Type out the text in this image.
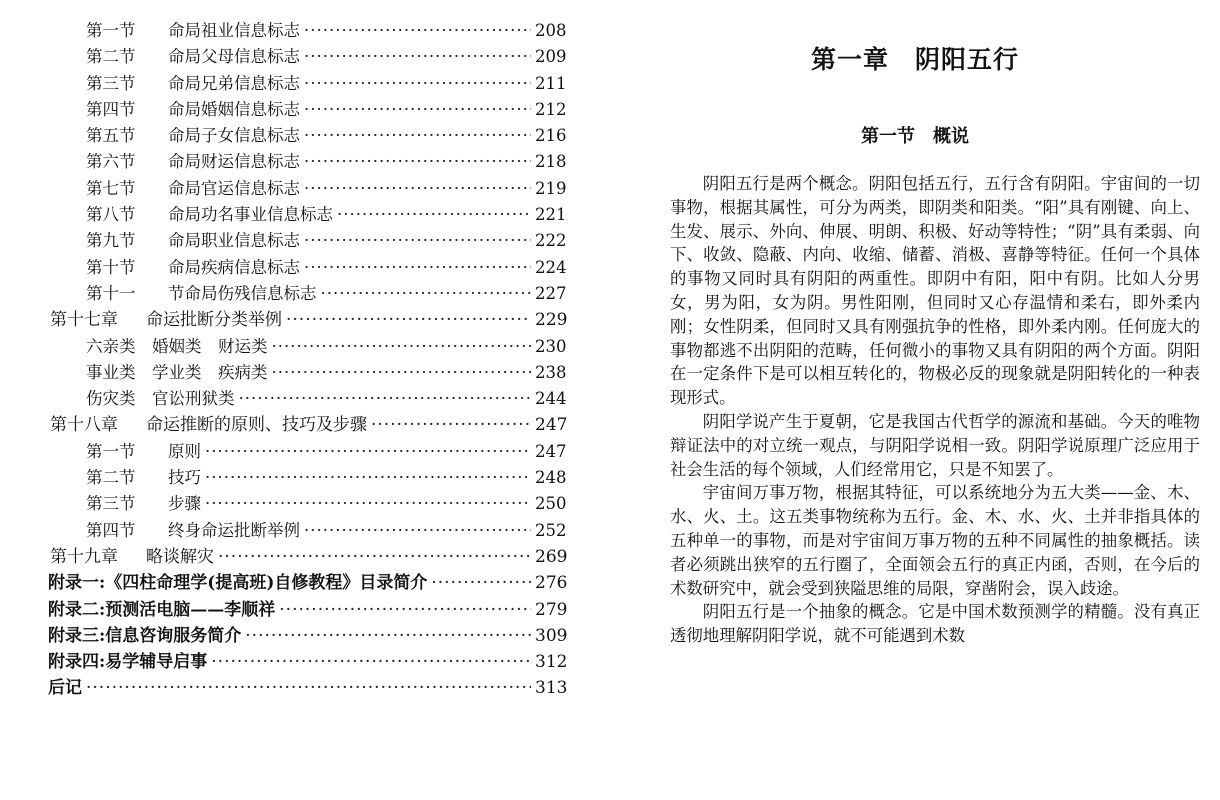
第一节 命局祖业信息标志 ·····	208
第二节 命局父母信息标志 ·····	209
第三节 命局兄弟信息标志 ·····	211
第四节 命局婚姻信息标志 ·····	212
第五节 命局子女信息标志 ·····	216
第六节 命局财运信息标志 ·····	218
第七节 命局官运信息标志 ·····	219
第八节 命局功名事业信息标志 ·····	221
第九节 命局职业信息标志 ·····	222
第十节 命局疾病信息标志 ·····	224
第十一 节命局伤残信息标志 ·····	227
第十七章 命运批断分类举例 ·····	229
六亲类　婚姻类　财运类 ·····	230
事业类　学业类　疾病类 ·····	238
伤灾类　官讼刑狱类 ·····	244
第十八章 命运推断的原则、技巧及步骤 ·····	247
第一节 原则 ·····	247
第二节 技巧 ·····	248
第三节 步骤 ·····	250
第四节 终身命运批断举例 ·····	252
第十九章 略谈解灾 ·····	269
附录一:《四柱命理学(提高班)自修教程》目录简介 ·····	276
附录二:预测活电脑——李顺祥 ·····	279
附录三:信息咨询服务简介 ·····	309
附录四:易学辅导启事 ·····	312
后记 ·····	313
第一章 阴阳五行
第一节 概说

阴阳五行是两个概念。阴阳包括五行，五行含有阴阳。宇宙间的一切事物，根据其属性，可分为两类，即阴类和阳类。“阳”具有刚键、向上、生发、展示、外向、伸展、明朗、积极、好动等特性；“阴”具有柔弱、向下、收敛、隐蔽、内向、收缩、储蓄、消极、喜静等特征。任何一个具体的事物又同时具有阴阳的两重性。即阴中有阳，阳中有阴。比如人分男女，男为阳，女为阴。男性阳刚，但同时又心存温情和柔右，即外柔内刚；女性阴柔，但同时又具有刚强抗争的性格，即外柔内刚。任何庞大的事物都逃不出阴阳的范畴，任何微小的事物又具有阴阳的两个方面。阴阳在一定条件下是可以相互转化的，物极必反的现象就是阴阳转化的一种表现形式。

阴阳学说产生于夏朝，它是我国古代哲学的源流和基础。今天的唯物辩证法中的对立统一观点，与阴阳学说相一致。阴阳学说原理广泛应用于社会生活的每个领域，人们经常用它，只是不知罢了。

宇宙间万事万物，根据其特征，可以系统地分为五大类——金、木、水、火、土。这五类事物统称为五行。金、木、水、火、土并非指具体的五种单一的事物，而是对宇宙间万事万物的五种不同属性的抽象概括。读者必须跳出狭窄的五行圈了，全面领会五行的真正内函，否则，在今后的术数研究中，就会受到狭隘思维的局限，穿凿附会，误入歧途。

阴阳五行是一个抽象的概念。它是中国术数预测学的精髓。没有真正透彻地理解阴阳学说，就不可能遇到术数
